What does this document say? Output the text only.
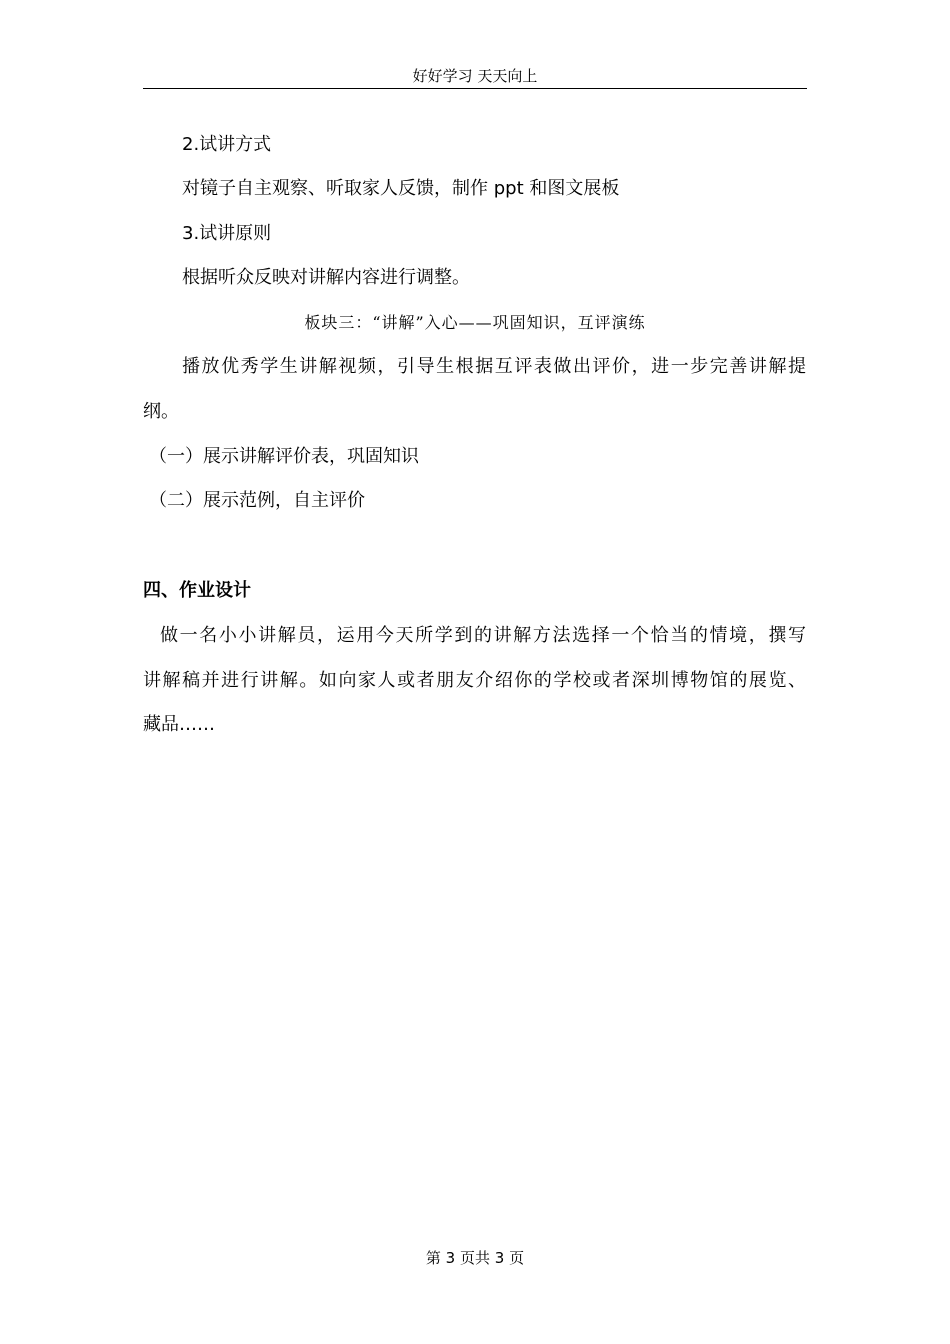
好好学习 天天向上
2.试讲方式
对镜子自主观察、听取家人反馈，制作 ppt 和图文展板
3.试讲原则
根据听众反映对讲解内容进行调整。
板块三：“讲解”入心——巩固知识，互评演练
播放优秀学生讲解视频，引导生根据互评表做出评价，进一步完善讲解提
纲。
（一）展示讲解评价表，巩固知识
（二）展示范例，自主评价
四、作业设计
做一名小小讲解员，运用今天所学到的讲解方法选择一个恰当的情境，撰写
讲解稿并进行讲解。如向家人或者朋友介绍你的学校或者深圳博物馆的展览、
藏品……
第 3 页共 3 页
